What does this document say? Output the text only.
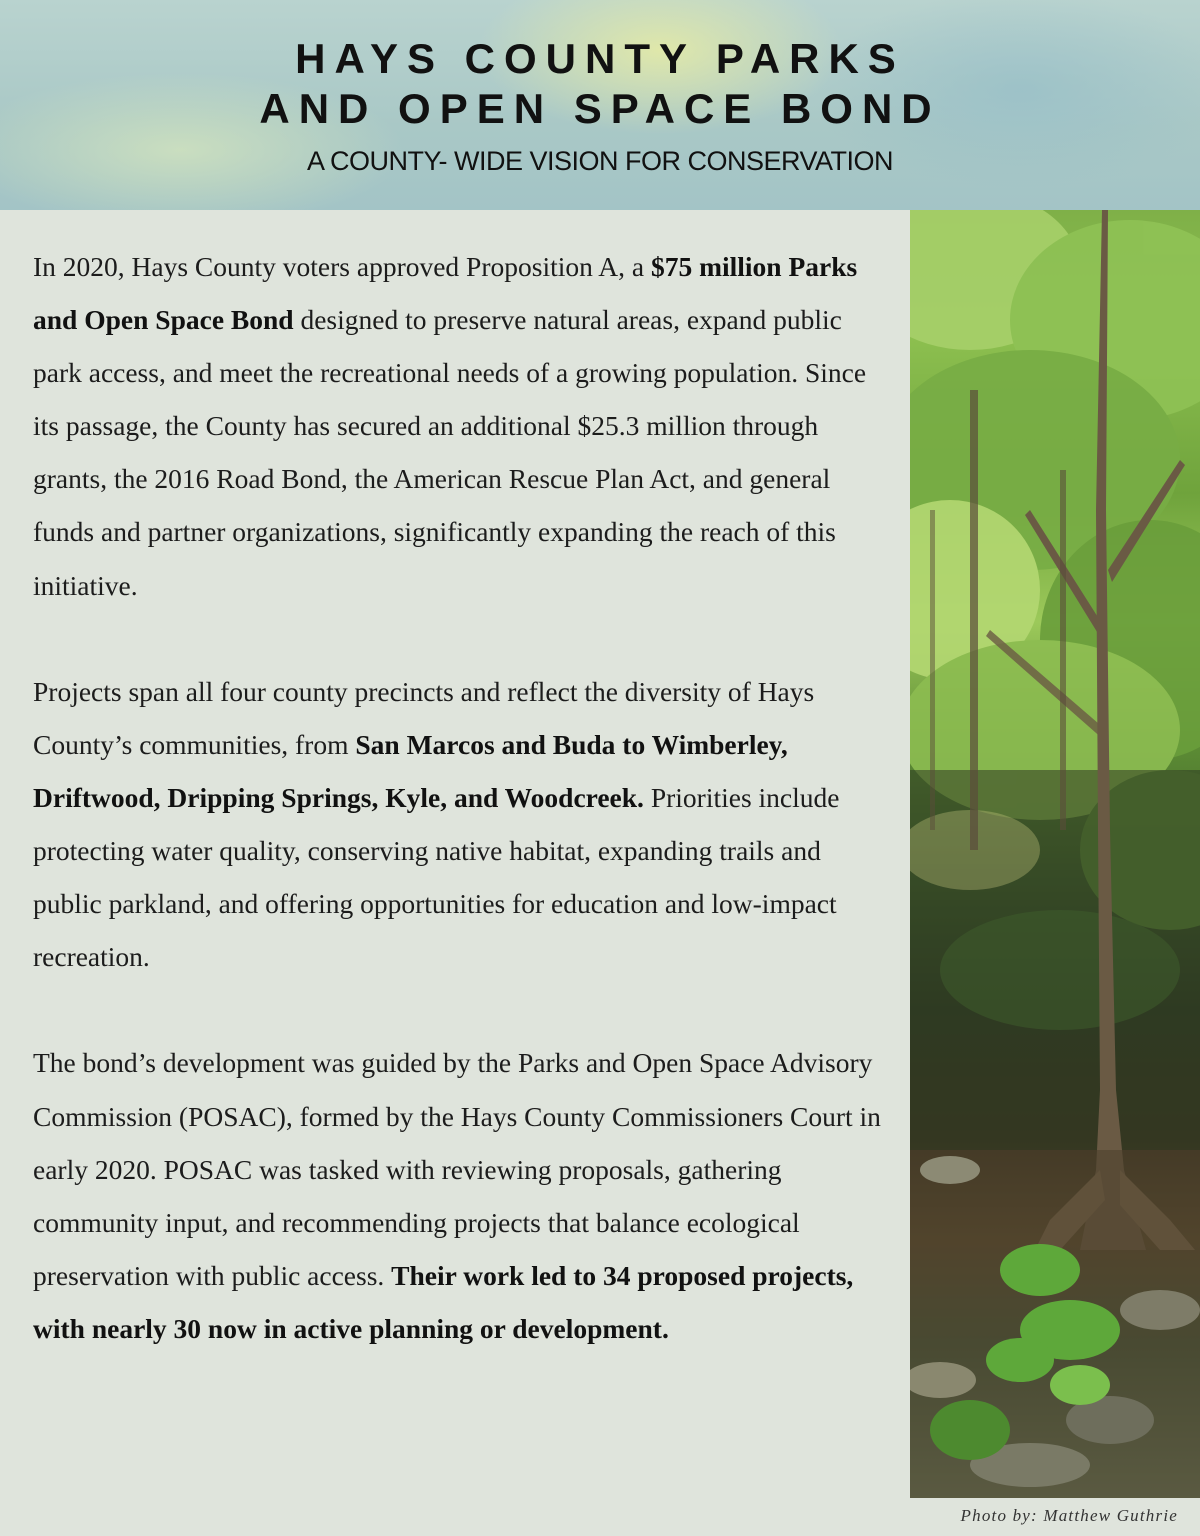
HAYS COUNTY PARKS
AND OPEN SPACE BOND
A COUNTY- WIDE VISION FOR CONSERVATION

In 2020, Hays County voters approved Proposition A, a $75 million Parks and Open Space Bond designed to preserve natural areas, expand public park access, and meet the recreational needs of a growing population. Since its passage, the County has secured an additional $25.3 million through grants, the 2016 Road Bond, the American Rescue Plan Act, and general funds and partner organizations, significantly expanding the reach of this initiative.

Projects span all four county precincts and reflect the diversity of Hays County’s communities, from San Marcos and Buda to Wimberley, Driftwood, Dripping Springs, Kyle, and Woodcreek. Priorities include protecting water quality, conserving native habitat, expanding trails and public parkland, and offering opportunities for education and low-impact recreation.

The bond’s development was guided by the Parks and Open Space Advisory Commission (POSAC), formed by the Hays County Commissioners Court in early 2020. POSAC was tasked with reviewing proposals, gathering community input, and recommending projects that balance ecological preservation with public access. Their work led to 34 proposed projects, with nearly 30 now in active planning or development.

Photo by: Matthew Guthrie
